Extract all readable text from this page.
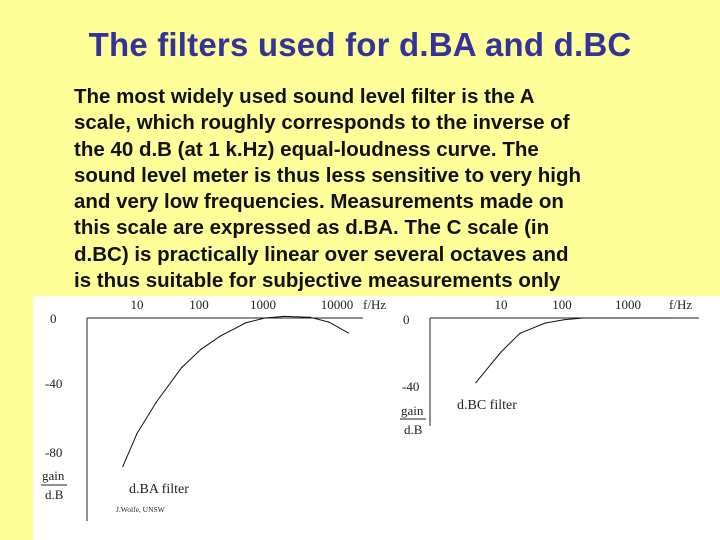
The filters used for d.BA and d.BC
The most widely used sound level filter is the A
scale, which roughly corresponds to the inverse of
the 40 d.B (at 1 k.Hz) equal-loudness curve. The
sound level meter is thus less sensitive to very high
and very low frequencies. Measurements made on
this scale are expressed as d.BA. The C scale (in
d.BC) is practically linear over several octaves and
is thus suitable for subjective measurements only
10	100	1000	10000 f/Hz
0
-40
-80
gain
d.B	d.BA filter
J.Wolfe, UNSW
10	100	1000 f/Hz
0
-40
gain
d.B
d.BC filter
